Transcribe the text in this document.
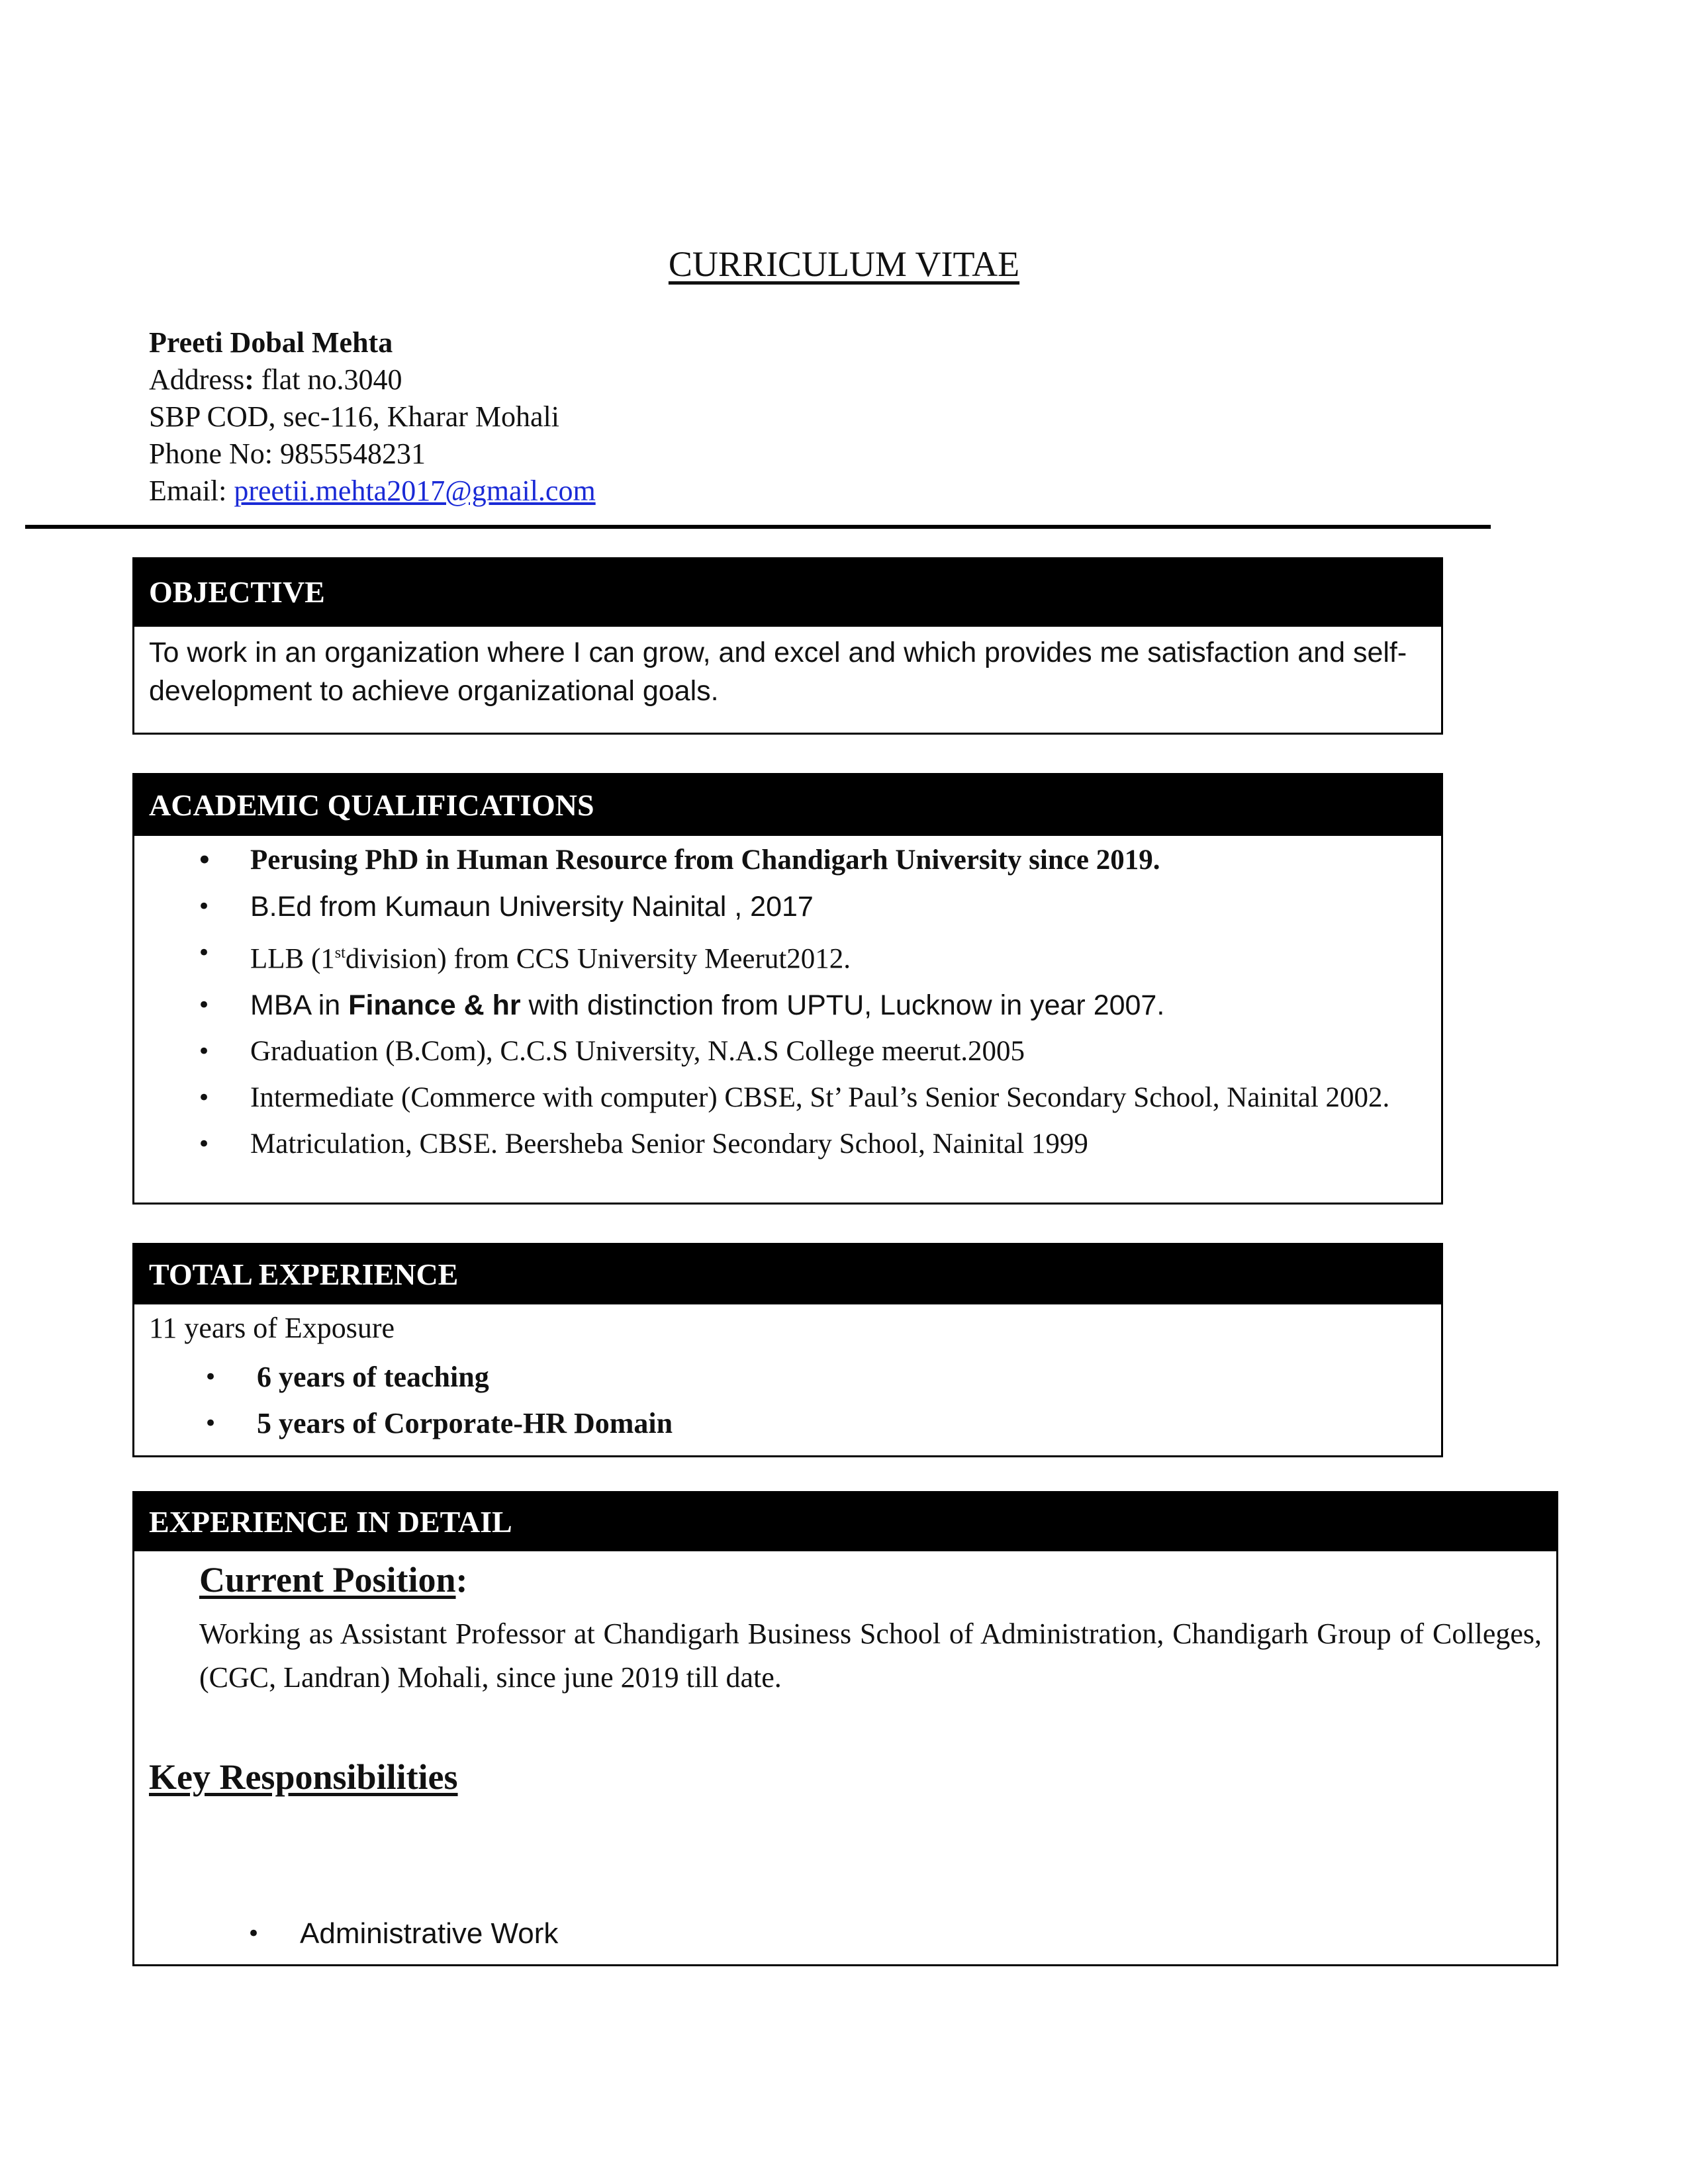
CURRICULUM VITAE
Preeti Dobal Mehta
Address: flat no.3040
SBP COD, sec-116, Kharar Mohali
Phone No: 9855548231
Email: preetii.mehta2017@gmail.com
OBJECTIVE
To work in an organization where I can grow, and excel and which provides me satisfaction and self-development to achieve organizational goals.
ACADEMIC QUALIFICATIONS
• Perusing PhD in Human Resource from Chandigarh University since 2019.
• B.Ed from Kumaun University Nainital , 2017
• LLB (1stdivision) from CCS University Meerut2012.
• MBA in Finance & hr with distinction from UPTU, Lucknow in year 2007.
• Graduation (B.Com), C.C.S University, N.A.S College meerut.2005
• Intermediate (Commerce with computer) CBSE, St’ Paul’s Senior Secondary School, Nainital 2002.
• Matriculation, CBSE. Beersheba Senior Secondary School, Nainital 1999
TOTAL EXPERIENCE
11 years of Exposure
• 6 years of teaching
• 5 years of Corporate-HR Domain
EXPERIENCE IN DETAIL
Current Position:
Working as Assistant Professor at Chandigarh Business School of Administration, Chandigarh Group of Colleges, (CGC, Landran) Mohali, since june 2019 till date.
Key Responsibilities
• Administrative Work
